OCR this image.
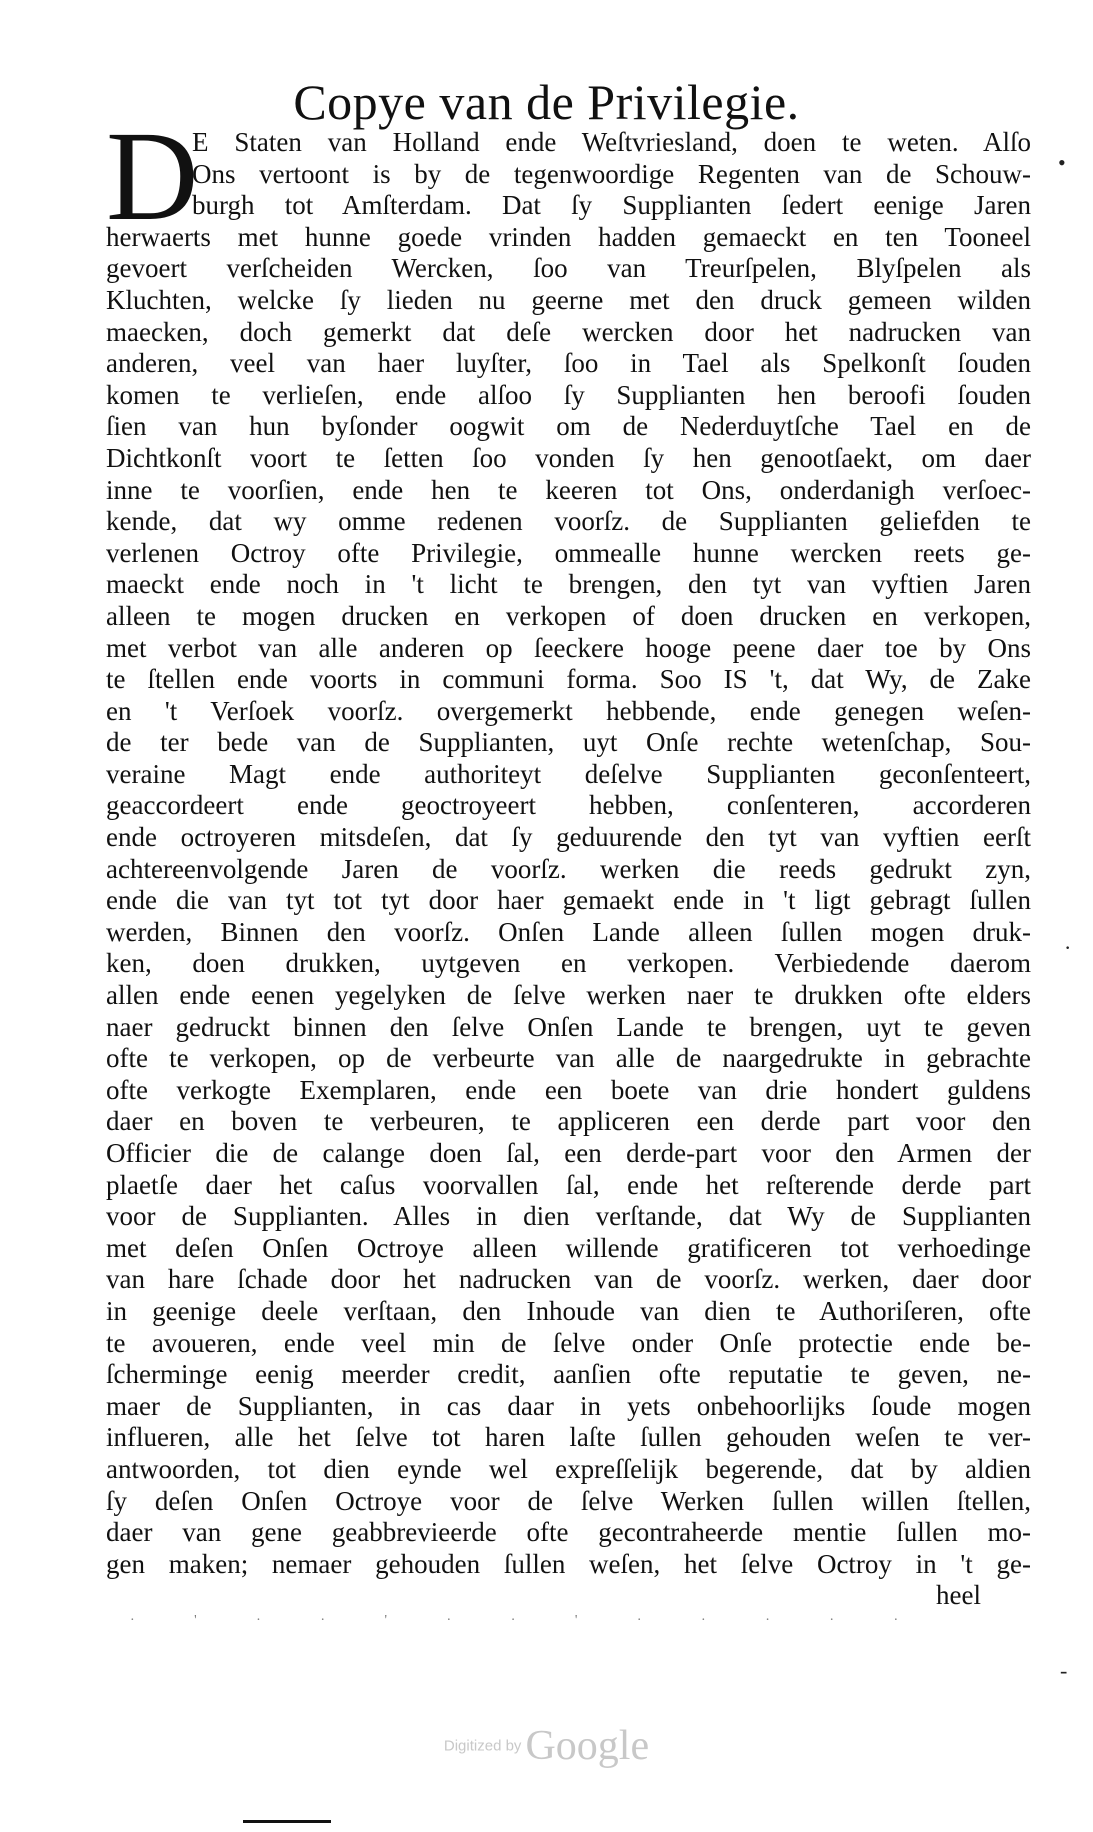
Copye van de Privilegie.
D
E Staten van Holland ende Weſtvriesland, doen te weten. Alſo
Ons vertoont is by de tegenwoordige Regenten van de Schouw-
burgh tot Amſterdam. Dat ſy Supplianten ſedert eenige Jaren
herwaerts met hunne goede vrinden hadden gemaeckt en ten Tooneel
gevoert verſcheiden Wercken, ſoo van Treurſpelen, Blyſpelen als
Kluchten, welcke ſy lieden nu geerne met den druck gemeen wilden
maecken, doch gemerkt dat deſe wercken door het nadrucken van
anderen, veel van haer luyſter, ſoo in Tael als Spelkonſt ſouden
komen te verlieſen, ende alſoo ſy Supplianten hen beroofi ſouden
ſien van hun byſonder oogwit om de Nederduytſche Tael en de
Dichtkonſt voort te ſetten ſoo vonden ſy hen genootſaekt, om daer
inne te voorſien, ende hen te keeren tot Ons, onderdanigh verſoec-
kende, dat wy omme redenen voorſz. de Supplianten geliefden te
verlenen Octroy ofte Privilegie, ommealle hunne wercken reets ge-
maeckt ende noch in 't licht te brengen, den tyt van vyftien Jaren
alleen te mogen drucken en verkopen of doen drucken en verkopen,
met verbot van alle anderen op ſeeckere hooge peene daer toe by Ons
te ſtellen ende voorts in communi forma. Soo IS 't, dat Wy, de Zake
en 't Verſoek voorſz. overgemerkt hebbende, ende genegen weſen-
de ter bede van de Supplianten, uyt Onſe rechte wetenſchap, Sou-
veraine Magt ende authoriteyt deſelve Supplianten geconſenteert,
geaccordeert ende geoctroyeert hebben, conſenteren, accorderen
ende octroyeren mitsdeſen, dat ſy geduurende den tyt van vyftien eerſt
achtereenvolgende Jaren de voorſz. werken die reeds gedrukt zyn,
ende die van tyt tot tyt door haer gemaekt ende in 't ligt gebragt ſullen
werden, Binnen den voorſz. Onſen Lande alleen ſullen mogen druk-
ken, doen drukken, uytgeven en verkopen. Verbiedende daerom
allen ende eenen yegelyken de ſelve werken naer te drukken ofte elders
naer gedruckt binnen den ſelve Onſen Lande te brengen, uyt te geven
ofte te verkopen, op de verbeurte van alle de naargedrukte in gebrachte
ofte verkogte Exemplaren, ende een boete van drie hondert guldens
daer en boven te verbeuren, te appliceren een derde part voor den
Officier die de calange doen ſal, een derde-part voor den Armen der
plaetſe daer het caſus voorvallen ſal, ende het reſterende derde part
voor de Supplianten. Alles in dien verſtande, dat Wy de Supplianten
met deſen Onſen Octroye alleen willende gratificeren tot verhoedinge
van hare ſchade door het nadrucken van de voorſz. werken, daer door
in geenige deele verſtaan, den Inhoude van dien te Authoriſeren, ofte
te avoueren, ende veel min de ſelve onder Onſe protectie ende be-
ſcherminge eenig meerder credit, aanſien ofte reputatie te geven, ne-
maer de Supplianten, in cas daar in yets onbehoorlijks ſoude mogen
influeren, alle het ſelve tot haren laſte ſullen gehouden weſen te ver-
antwoorden, tot dien eynde wel expreſſelijk begerende, dat by aldien
ſy deſen Onſen Octroye voor de ſelve Werken ſullen willen ſtellen,
daer van gene geabbrevieerde ofte gecontraheerde mentie ſullen mo-
gen maken; nemaer gehouden ſullen weſen, het ſelve Octroy in 't ge-
heel
•
·
-
· ' · · ' · · ' · · · · ·
Digitized by Google
